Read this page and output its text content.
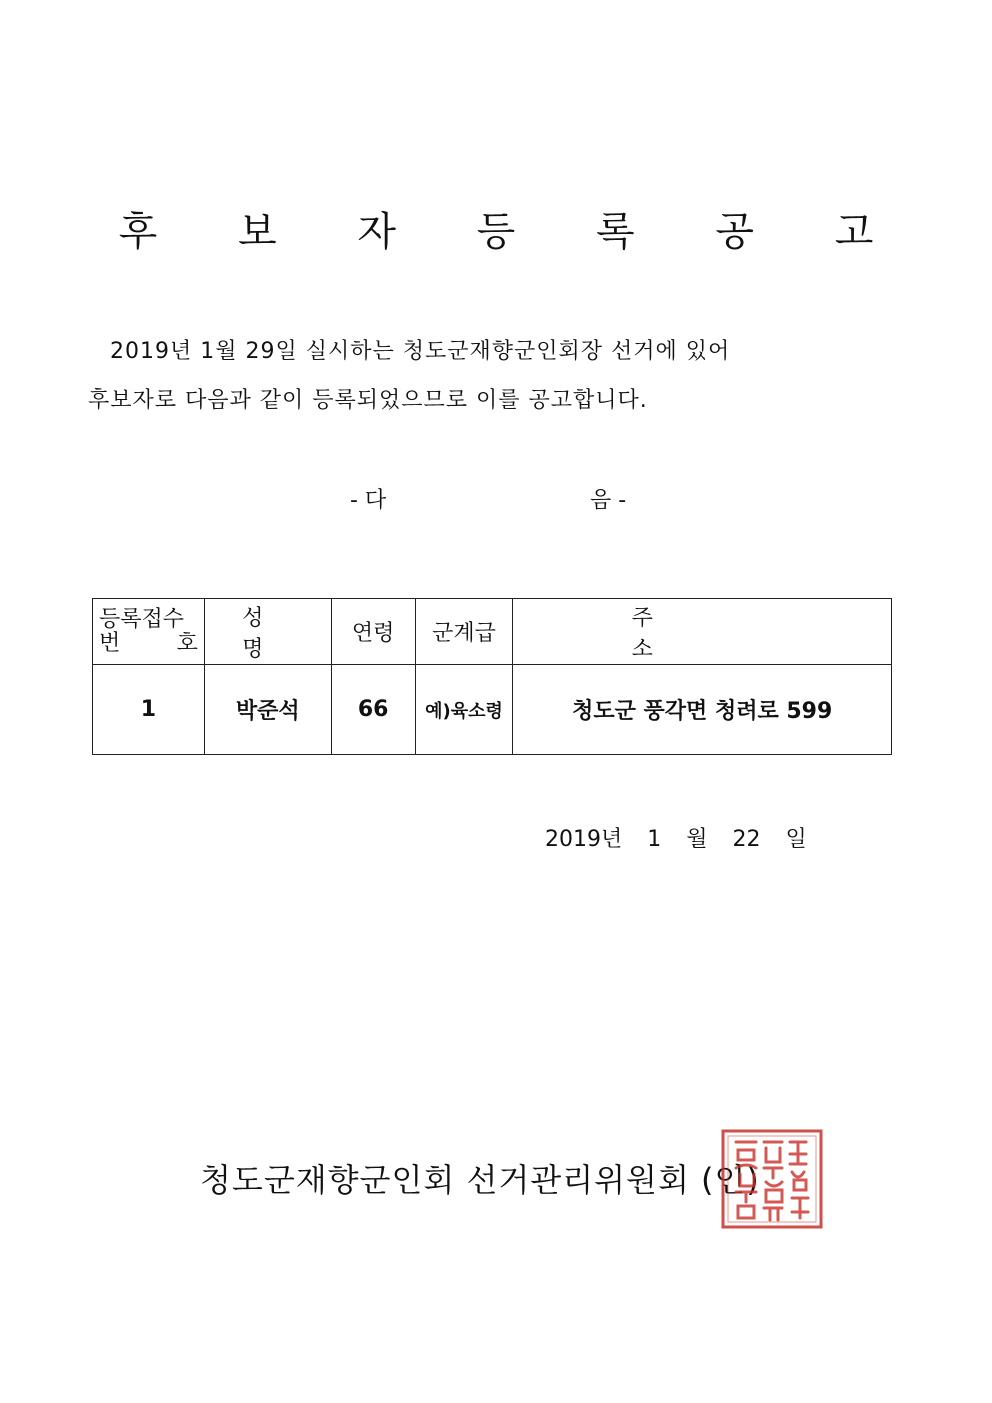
후 보 자 등 록 공 고
2019년 1월 29일 실시하는 청도군재향군인회장 선거에 있어
후보자로 다음과 같이 등록되었으므로 이를 공고합니다.
- 다	음 -
등록접수
번 호	성 명	연령	군계급	주 소
1	박준석	66	예)육소령	청도군 풍각면 청려로 599
2019년 1 월 22 일
청도군재향군인회 선거관리위원회 (인)
